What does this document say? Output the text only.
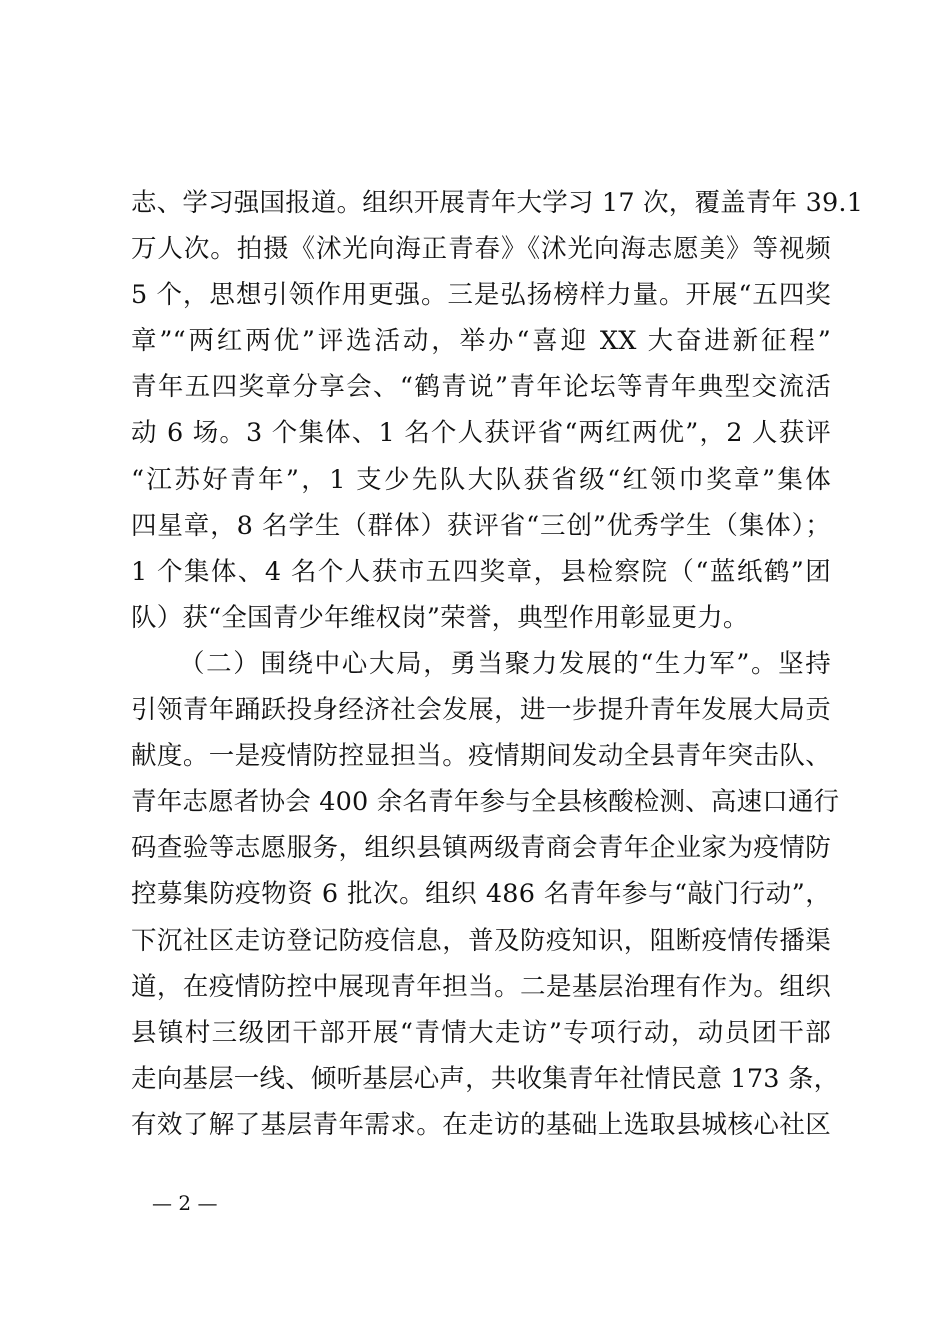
志、学习强国报道。组织开展青年大学习 17 次，覆盖青年 39.1
万人次。拍摄《沭光向海正青春》《沭光向海志愿美》等视频
5 个，思想引领作用更强。三是弘扬榜样力量。开展“五四奖
章”“两红两优”评选活动，举办“喜迎 XX 大奋进新征程”
青年五四奖章分享会、“鹤青说”青年论坛等青年典型交流活
动 6 场。3 个集体、1 名个人获评省“两红两优”，2 人获评
“江苏好青年”，1 支少先队大队获省级“红领巾奖章”集体
四星章，8 名学生（群体）获评省“三创”优秀学生（集体）；
1 个集体、4 名个人获市五四奖章，县检察院（“蓝纸鹤”团
队）获“全国青少年维权岗”荣誉，典型作用彰显更力。
（二）围绕中心大局，勇当聚力发展的“生力军”。坚持
引领青年踊跃投身经济社会发展，进一步提升青年发展大局贡
献度。一是疫情防控显担当。疫情期间发动全县青年突击队、
青年志愿者协会 400 余名青年参与全县核酸检测、高速口通行
码查验等志愿服务，组织县镇两级青商会青年企业家为疫情防
控募集防疫物资 6 批次。组织 486 名青年参与“敲门行动”，
下沉社区走访登记防疫信息，普及防疫知识，阻断疫情传播渠
道，在疫情防控中展现青年担当。二是基层治理有作为。组织
县镇村三级团干部开展“青情大走访”专项行动，动员团干部
走向基层一线、倾听基层心声，共收集青年社情民意 173 条，
有效了解了基层青年需求。在走访的基础上选取县城核心社区
— 2 —
